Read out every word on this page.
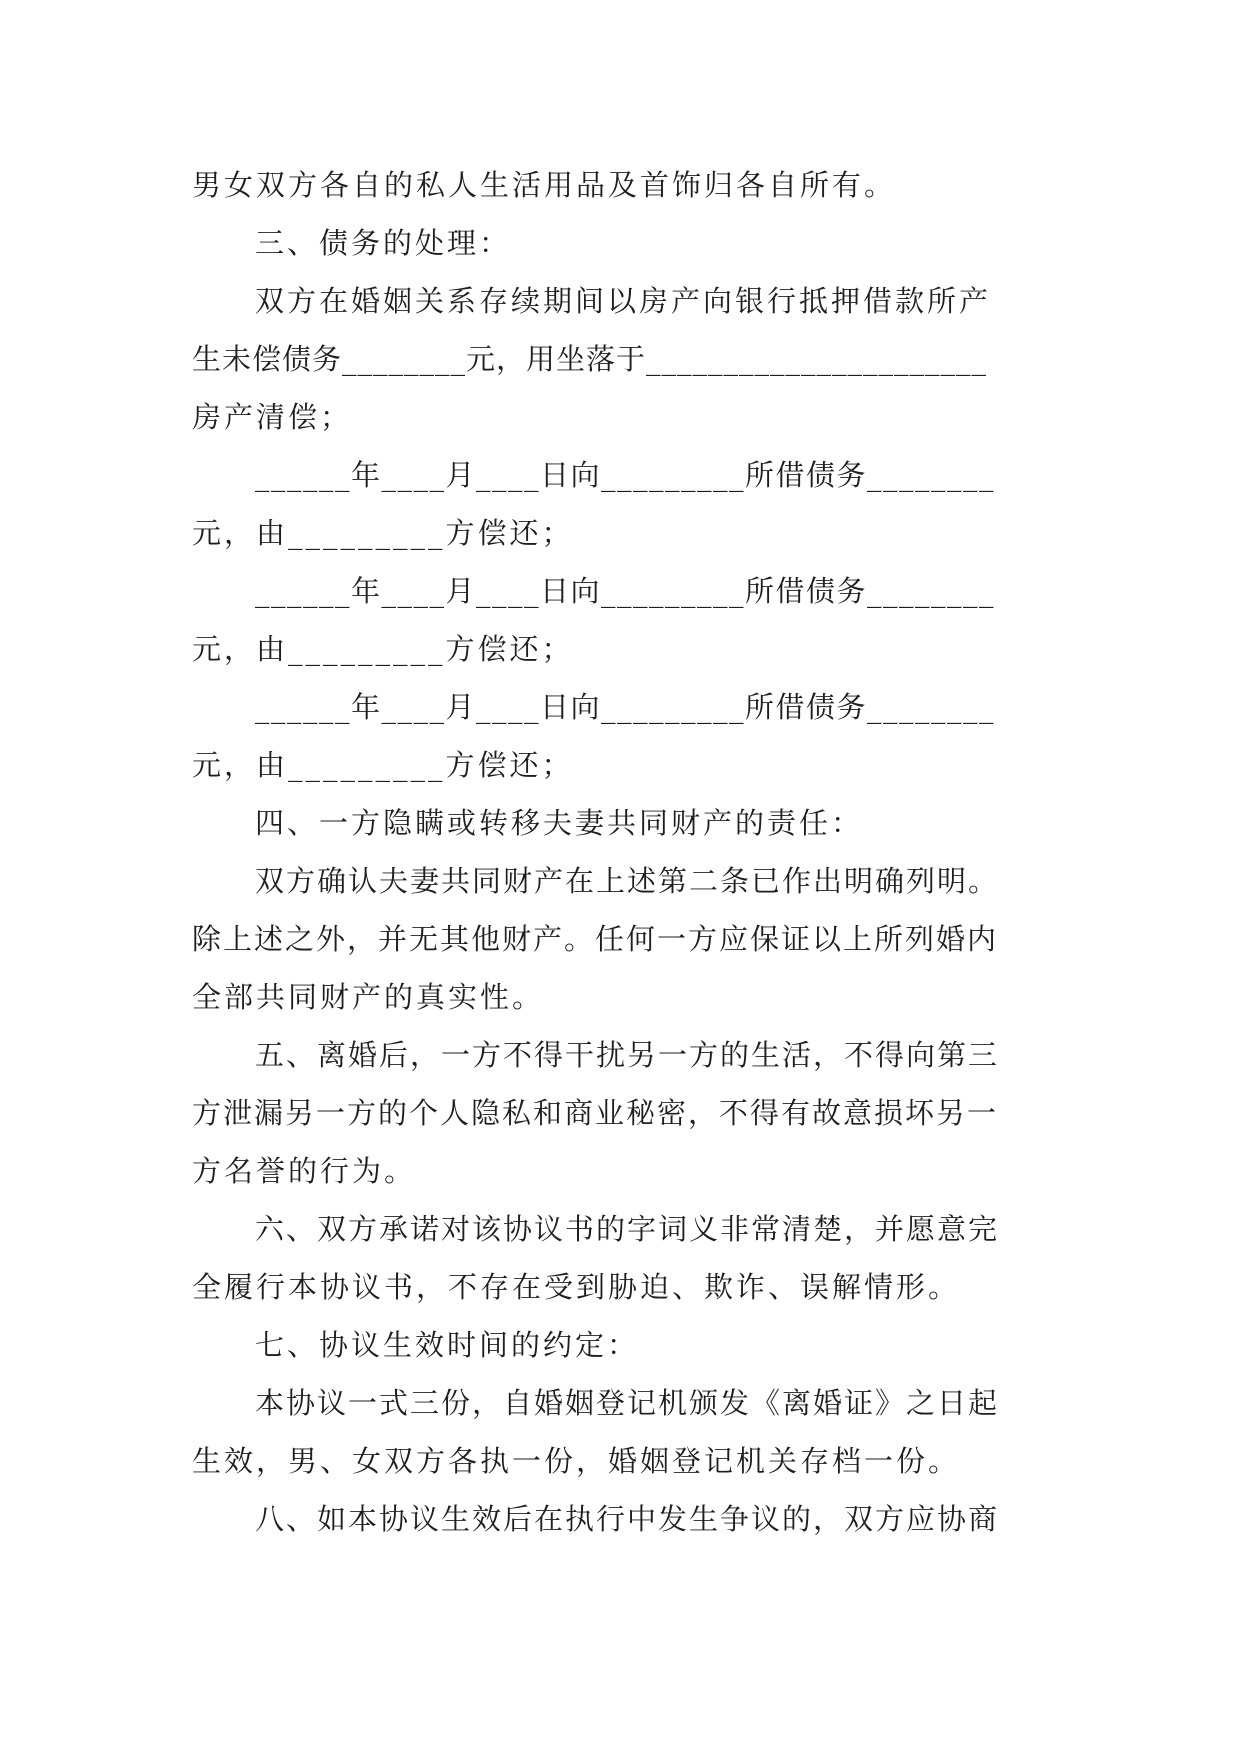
男女双方各自的私人生活用品及首饰归各自所有。
三、债务的处理：
双方在婚姻关系存续期间以房产向银行抵押借款所产
生未偿债务________元，用坐落于______________________
房产清偿；
______年____月____日向_________所借债务________
元，由_________方偿还；
______年____月____日向_________所借债务________
元，由_________方偿还；
______年____月____日向_________所借债务________
元，由_________方偿还；
四、一方隐瞒或转移夫妻共同财产的责任：
双方确认夫妻共同财产在上述第二条已作出明确列明。
除上述之外，并无其他财产。任何一方应保证以上所列婚内
全部共同财产的真实性。
五、离婚后，一方不得干扰另一方的生活，不得向第三
方泄漏另一方的个人隐私和商业秘密，不得有故意损坏另一
方名誉的行为。
六、双方承诺对该协议书的字词义非常清楚，并愿意完
全履行本协议书，不存在受到胁迫、欺诈、误解情形。
七、协议生效时间的约定：
本协议一式三份，自婚姻登记机颁发《离婚证》之日起
生效，男、女双方各执一份，婚姻登记机关存档一份。
八、如本协议生效后在执行中发生争议的，双方应协商
